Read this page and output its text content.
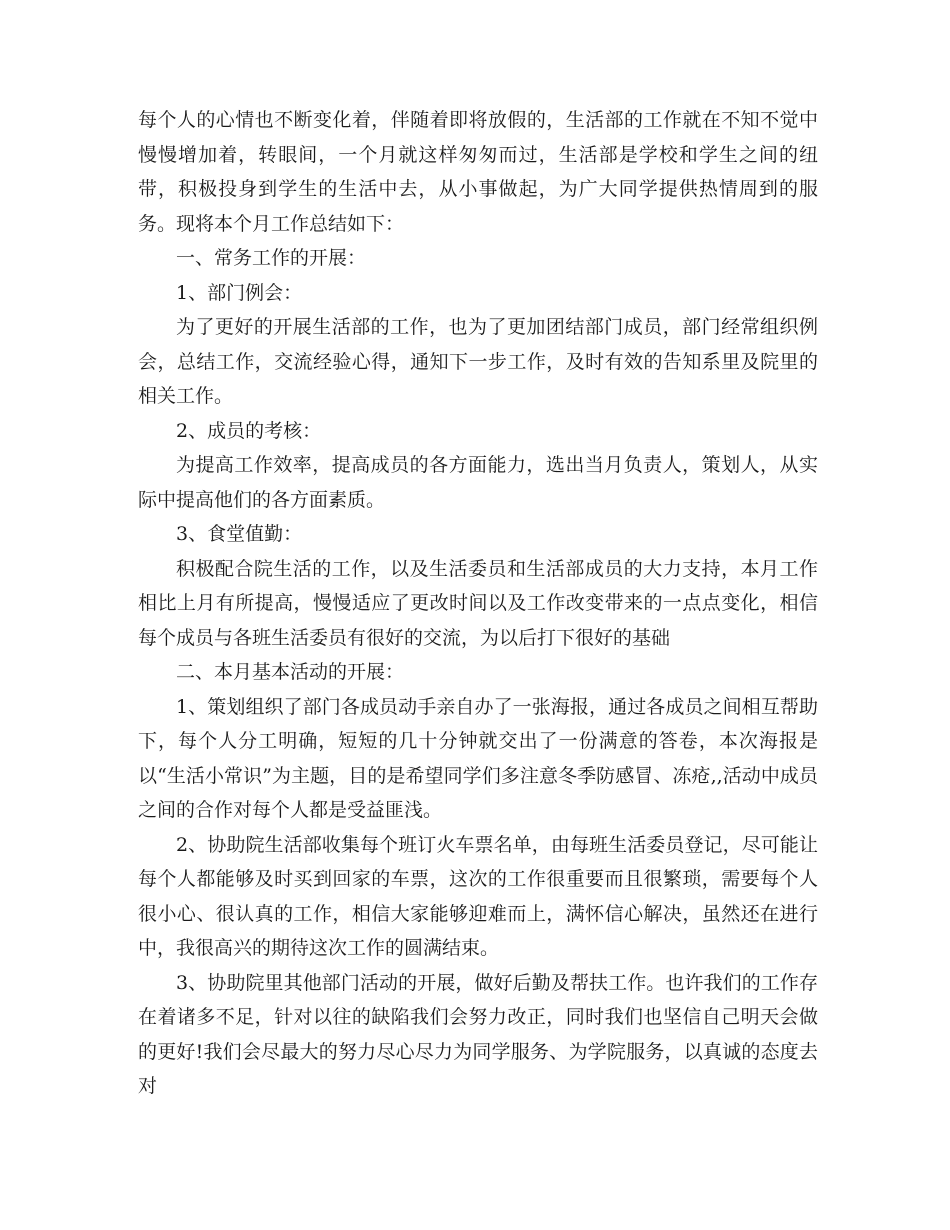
每个人的心情也不断变化着，伴随着即将放假的，生活部的工作就在不知不觉中慢慢增加着，转眼间，一个月就这样匆匆而过，生活部是学校和学生之间的纽带，积极投身到学生的生活中去，从小事做起，为广大同学提供热情周到的服务。现将本个月工作总结如下：

一、常务工作的开展：

1、部门例会：

为了更好的开展生活部的工作，也为了更加团结部门成员，部门经常组织例会，总结工作，交流经验心得，通知下一步工作，及时有效的告知系里及院里的相关工作。

2、成员的考核：

为提高工作效率，提高成员的各方面能力，选出当月负责人，策划人，从实际中提高他们的各方面素质。

3、食堂值勤：

积极配合院生活的工作，以及生活委员和生活部成员的大力支持，本月工作相比上月有所提高，慢慢适应了更改时间以及工作改变带来的一点点变化，相信每个成员与各班生活委员有很好的交流，为以后打下很好的基础

二、本月基本活动的开展：

1、策划组织了部门各成员动手亲自办了一张海报，通过各成员之间相互帮助下，每个人分工明确，短短的几十分钟就交出了一份满意的答卷，本次海报是以“生活小常识”为主题，目的是希望同学们多注意冬季防感冒、冻疮,,活动中成员之间的合作对每个人都是受益匪浅。

2、协助院生活部收集每个班订火车票名单，由每班生活委员登记，尽可能让每个人都能够及时买到回家的车票，这次的工作很重要而且很繁琐，需要每个人很小心、很认真的工作，相信大家能够迎难而上，满怀信心解决，虽然还在进行中，我很高兴的期待这次工作的圆满结束。

3、协助院里其他部门活动的开展，做好后勤及帮扶工作。也许我们的工作存在着诸多不足，针对以往的缺陷我们会努力改正，同时我们也坚信自己明天会做的更好!我们会尽最大的努力尽心尽力为同学服务、为学院服务，以真诚的态度去对
